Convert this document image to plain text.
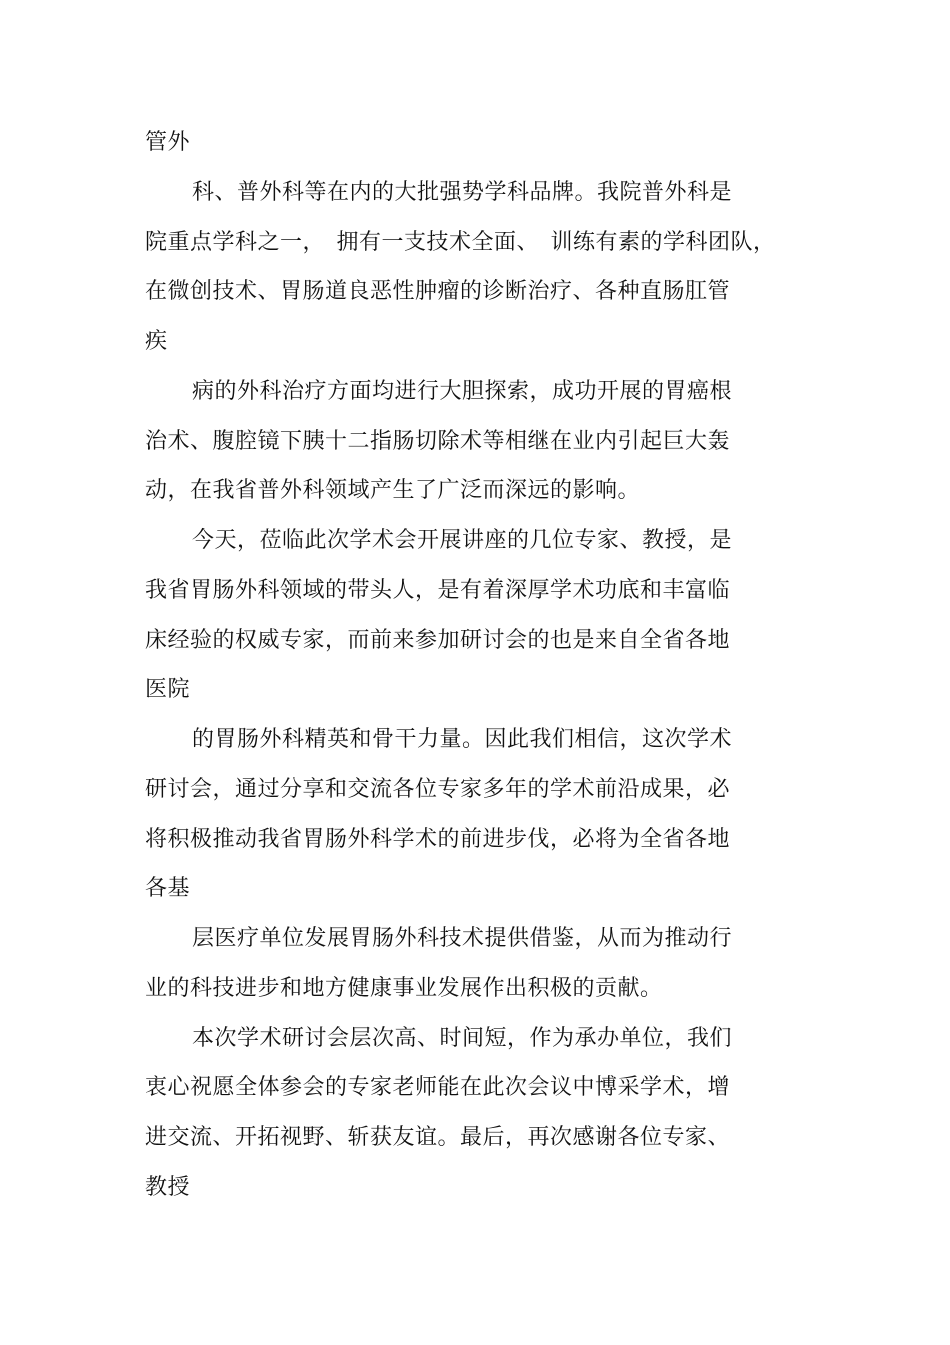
管外
科、普外科等在内的大批强势学科品牌。我院普外科是
院重点学科之一，　拥有一支技术全面、　训练有素的学科团队，
在微创技术、胃肠道良恶性肿瘤的诊断治疗、各种直肠肛管
疾
病的外科治疗方面均进行大胆探索，成功开展的胃癌根
治术、腹腔镜下胰十二指肠切除术等相继在业内引起巨大轰
动，在我省普外科领域产生了广泛而深远的影响。
今天，莅临此次学术会开展讲座的几位专家、教授，是
我省胃肠外科领域的带头人，是有着深厚学术功底和丰富临
床经验的权威专家，而前来参加研讨会的也是来自全省各地
医院
的胃肠外科精英和骨干力量。因此我们相信，这次学术
研讨会，通过分享和交流各位专家多年的学术前沿成果，必
将积极推动我省胃肠外科学术的前进步伐，必将为全省各地
各基
层医疗单位发展胃肠外科技术提供借鉴，从而为推动行
业的科技进步和地方健康事业发展作出积极的贡献。
本次学术研讨会层次高、时间短，作为承办单位，我们
衷心祝愿全体参会的专家老师能在此次会议中博采学术，增
进交流、开拓视野、斩获友谊。最后，再次感谢各位专家、
教授
